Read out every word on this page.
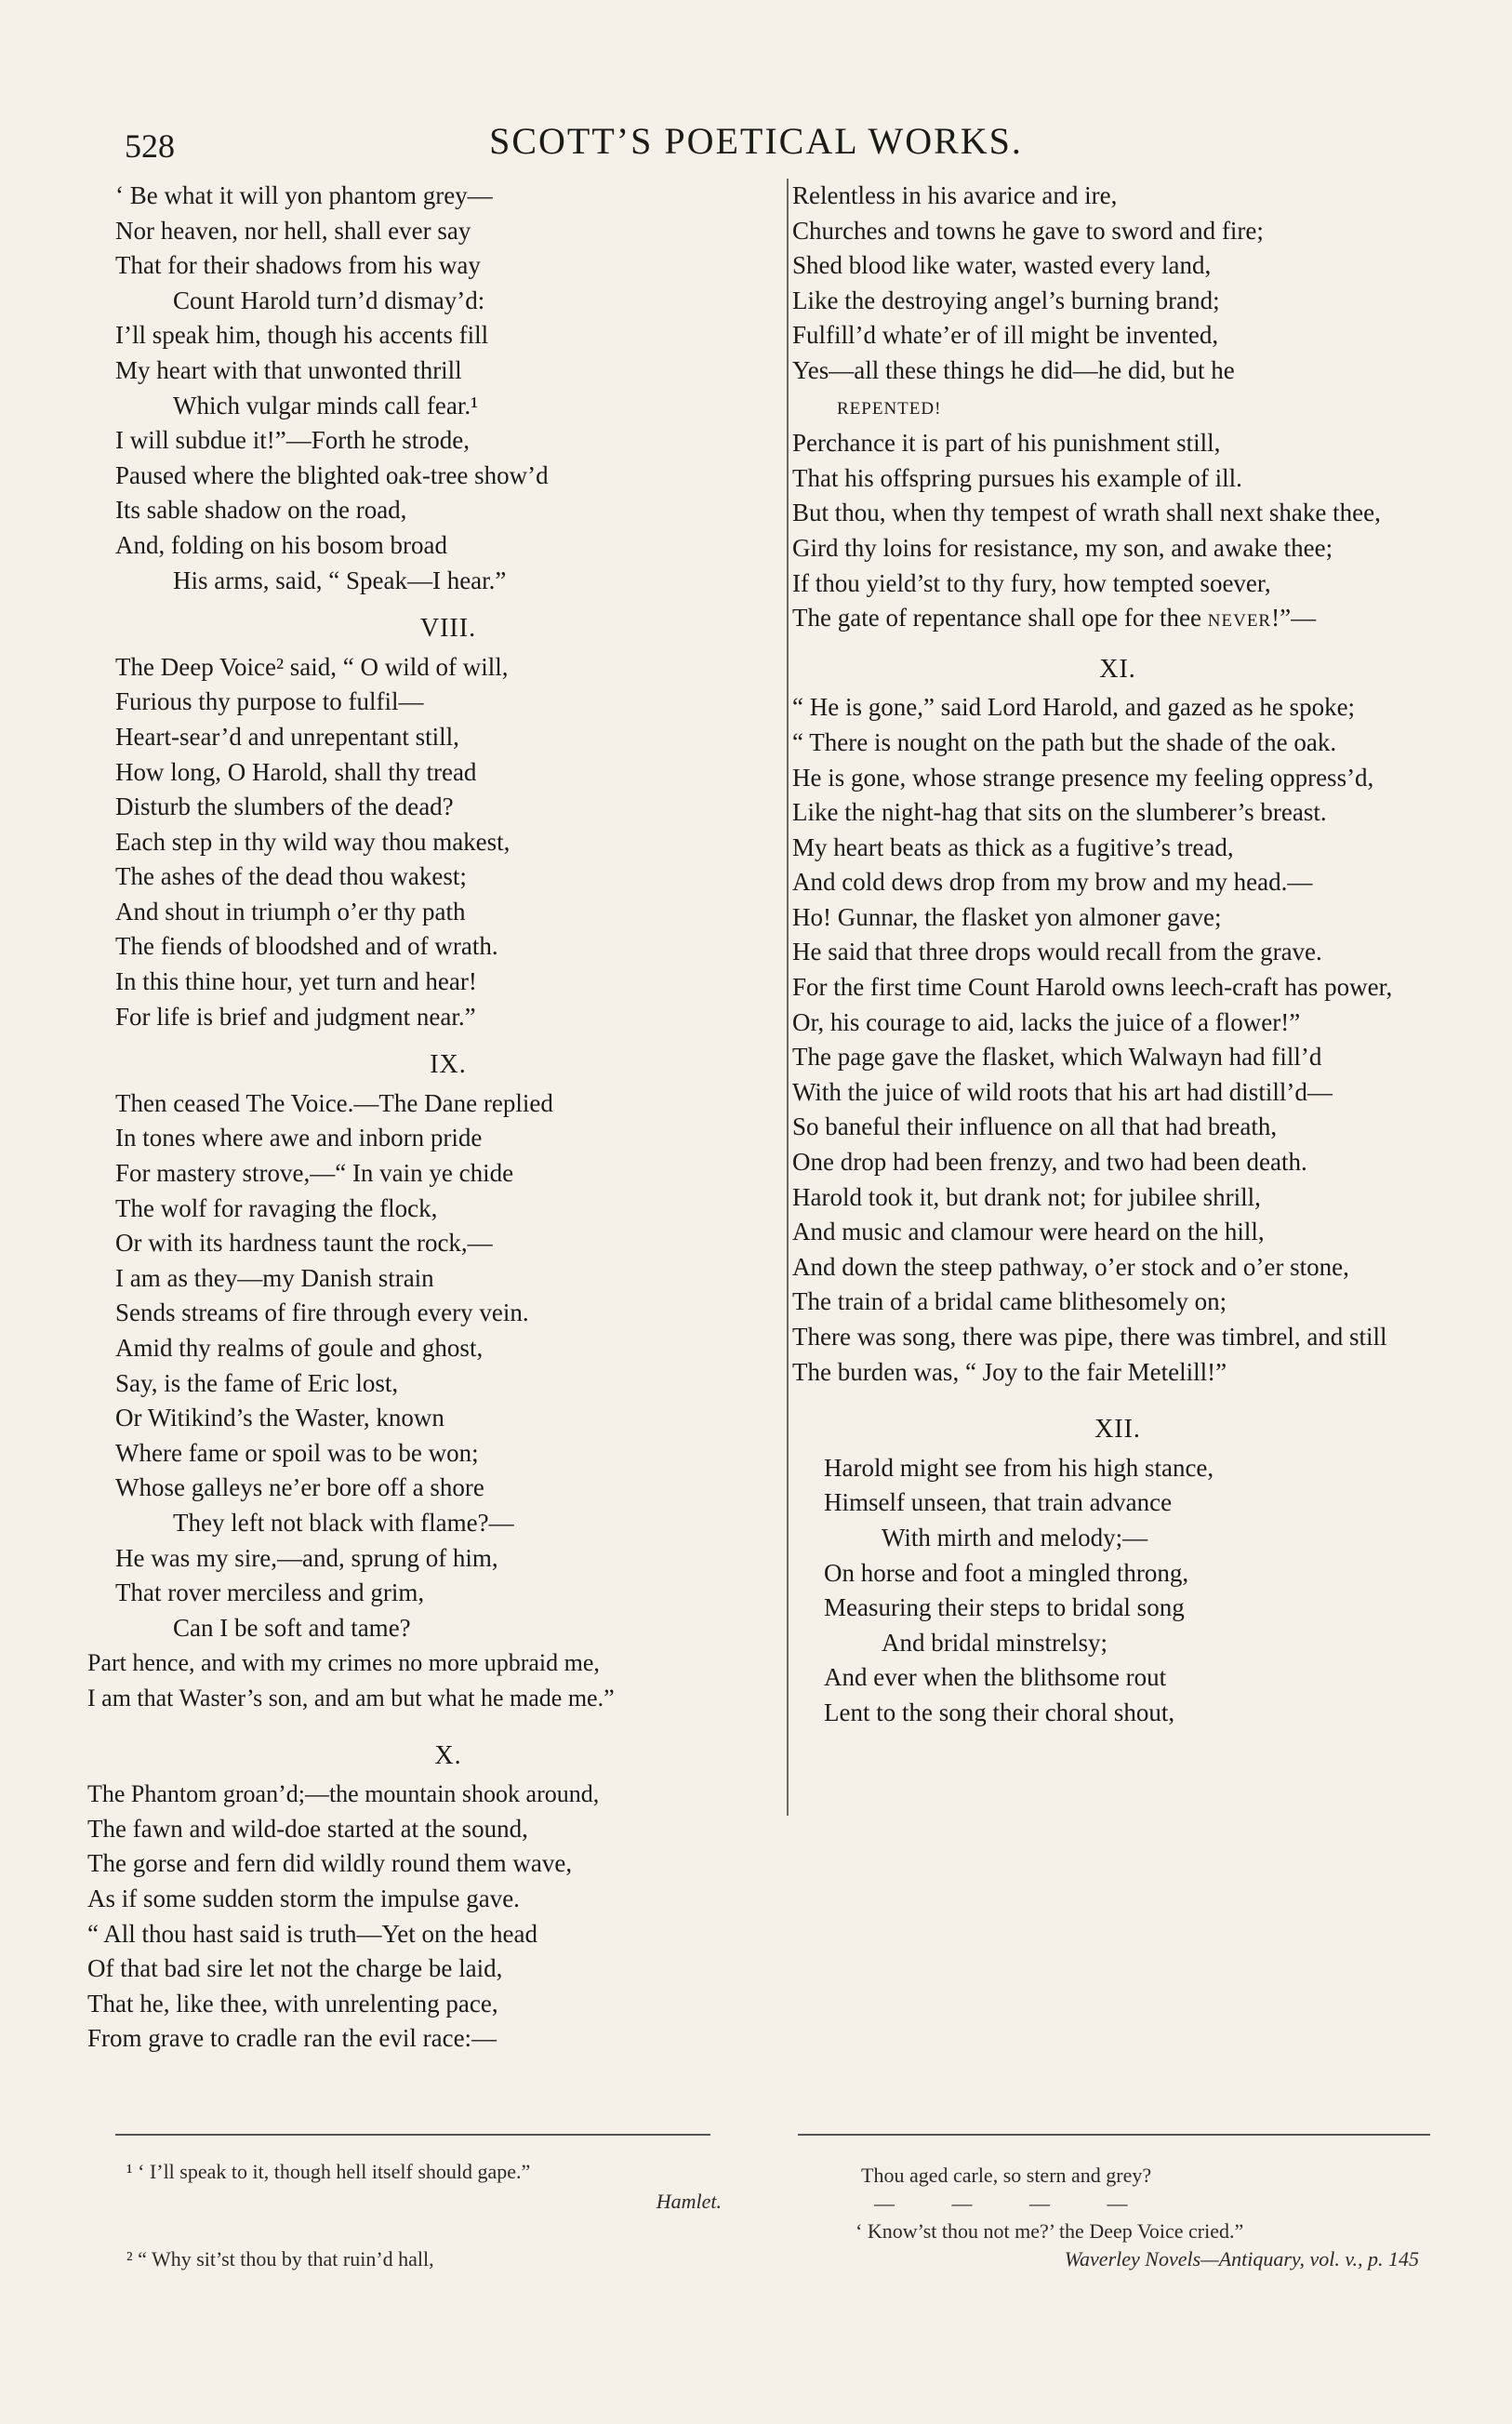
528	SCOTT’S POETICAL WORKS.
‘ Be what it will yon phantom grey—
Nor heaven, nor hell, shall ever say
That for their shadows from his way
Count Harold turn’d dismay’d:
I’ll speak him, though his accents fill
My heart with that unwonted thrill
Which vulgar minds call fear.¹
I will subdue it!”—Forth he strode,
Paused where the blighted oak-tree show’d
Its sable shadow on the road,
And, folding on his bosom broad
His arms, said, “ Speak—I hear.”
VIII.
The Deep Voice² said, “ O wild of will,
Furious thy purpose to fulfil—
Heart-sear’d and unrepentant still,
How long, O Harold, shall thy tread
Disturb the slumbers of the dead?
Each step in thy wild way thou makest,
The ashes of the dead thou wakest;
And shout in triumph o’er thy path
The fiends of bloodshed and of wrath.
In this thine hour, yet turn and hear!
For life is brief and judgment near.”
IX.
Then ceased The Voice.—The Dane replied
In tones where awe and inborn pride
For mastery strove,—“ In vain ye chide
The wolf for ravaging the flock,
Or with its hardness taunt the rock,—
I am as they—my Danish strain
Sends streams of fire through every vein.
Amid thy realms of goule and ghost,
Say, is the fame of Eric lost,
Or Witikind’s the Waster, known
Where fame or spoil was to be won;
Whose galleys ne’er bore off a shore
They left not black with flame?—
He was my sire,—and, sprung of him,
That rover merciless and grim,
Can I be soft and tame?
Part hence, and with my crimes no more upbraid me,
I am that Waster’s son, and am but what he made me.”
X.
The Phantom groan’d;—the mountain shook around,
The fawn and wild-doe started at the sound,
The gorse and fern did wildly round them wave,
As if some sudden storm the impulse gave.
“ All thou hast said is truth—Yet on the head
Of that bad sire let not the charge be laid,
That he, like thee, with unrelenting pace,
From grave to cradle ran the evil race:—
Relentless in his avarice and ire,
Churches and towns he gave to sword and fire;
Shed blood like water, wasted every land,
Like the destroying angel’s burning brand;
Fulfill’d whate’er of ill might be invented,
Yes—all these things he did—he did, but he
REPENTED!
Perchance it is part of his punishment still,
That his offspring pursues his example of ill.
But thou, when thy tempest of wrath shall next shake thee,
Gird thy loins for resistance, my son, and awake thee;
If thou yield’st to thy fury, how tempted soever,
The gate of repentance shall ope for thee NEVER!”—
XI.
“ He is gone,” said Lord Harold, and gazed as he spoke;
“ There is nought on the path but the shade of the oak.
He is gone, whose strange presence my feeling oppress’d,
Like the night-hag that sits on the slumberer’s breast.
My heart beats as thick as a fugitive’s tread,
And cold dews drop from my brow and my head.—
Ho! Gunnar, the flasket yon almoner gave;
He said that three drops would recall from the grave.
For the first time Count Harold owns leech-craft has power,
Or, his courage to aid, lacks the juice of a flower!”
The page gave the flasket, which Walwayn had fill’d
With the juice of wild roots that his art had distill’d—
So baneful their influence on all that had breath,
One drop had been frenzy, and two had been death.
Harold took it, but drank not; for jubilee shrill,
And music and clamour were heard on the hill,
And down the steep pathway, o’er stock and o’er stone,
The train of a bridal came blithesomely on;
There was song, there was pipe, there was timbrel, and still
The burden was, “ Joy to the fair Metelill!”
XII.
Harold might see from his high stance,
Himself unseen, that train advance
With mirth and melody;—
On horse and foot a mingled throng,
Measuring their steps to bridal song
And bridal minstrelsy;
And ever when the blithsome rout
Lent to the song their choral shout,
¹ ‘ I’ll speak to it, though hell itself should gape.”
Hamlet.
² “ Why sit’st thou by that ruin’d hall,
Thou aged carle, so stern and grey?
— — — —
‘ Know’st thou not me?’ the Deep Voice cried.”
Waverley Novels—Antiquary, vol. v., p. 145
